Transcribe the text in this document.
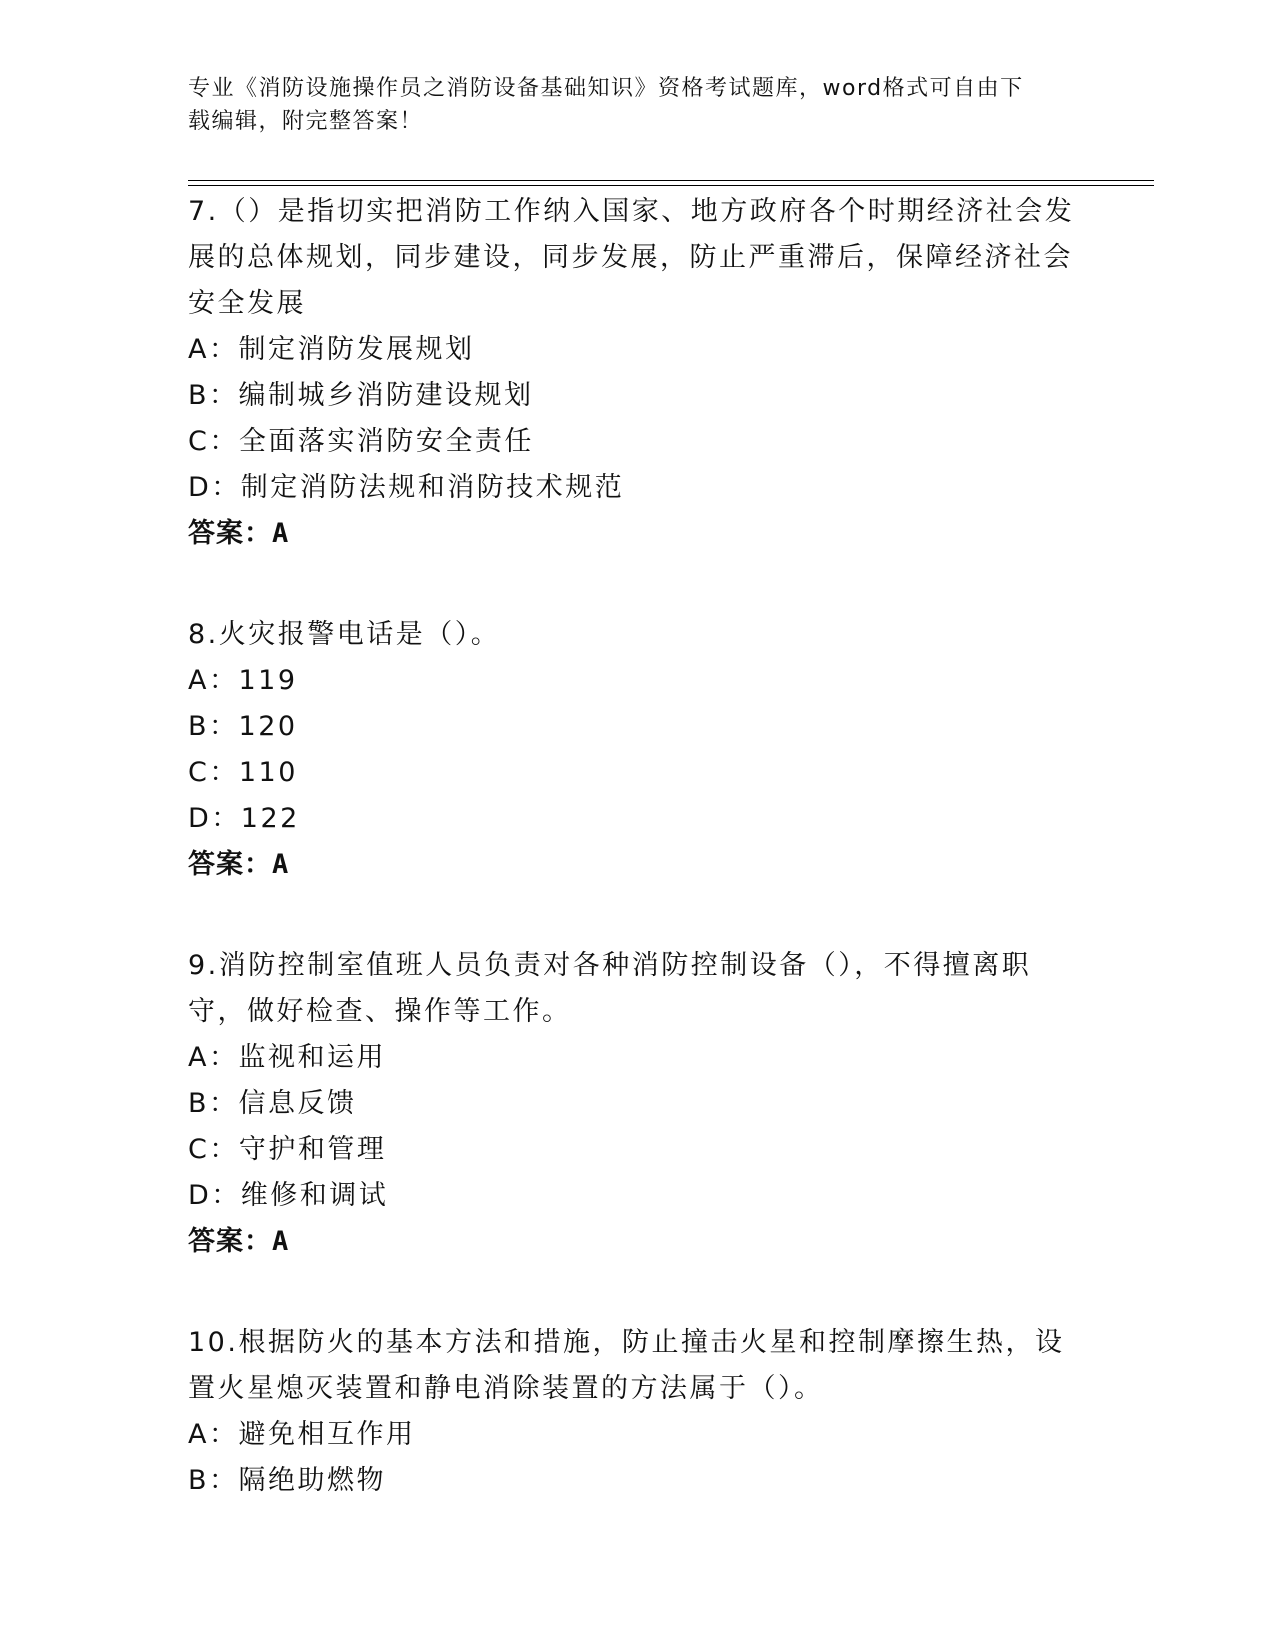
专业《消防设施操作员之消防设备基础知识》资格考试题库，word格式可自由下
载编辑，附完整答案！
7.（）是指切实把消防工作纳入国家、地方政府各个时期经济社会发展的总体规划，同步建设，同步发展，防止严重滞后，保障经济社会安全发展
A：制定消防发展规划
B：编制城乡消防建设规划
C：全面落实消防安全责任
D：制定消防法规和消防技术规范
答案：A
8.火灾报警电话是（）。
A：119
B：120
C：110
D：122
答案：A
9.消防控制室值班人员负责对各种消防控制设备（），不得擅离职守，做好检查、操作等工作。
A：监视和运用
B：信息反馈
C：守护和管理
D：维修和调试
答案：A
10.根据防火的基本方法和措施，防止撞击火星和控制摩擦生热，设置火星熄灭装置和静电消除装置的方法属于（）。
A：避免相互作用
B：隔绝助燃物
